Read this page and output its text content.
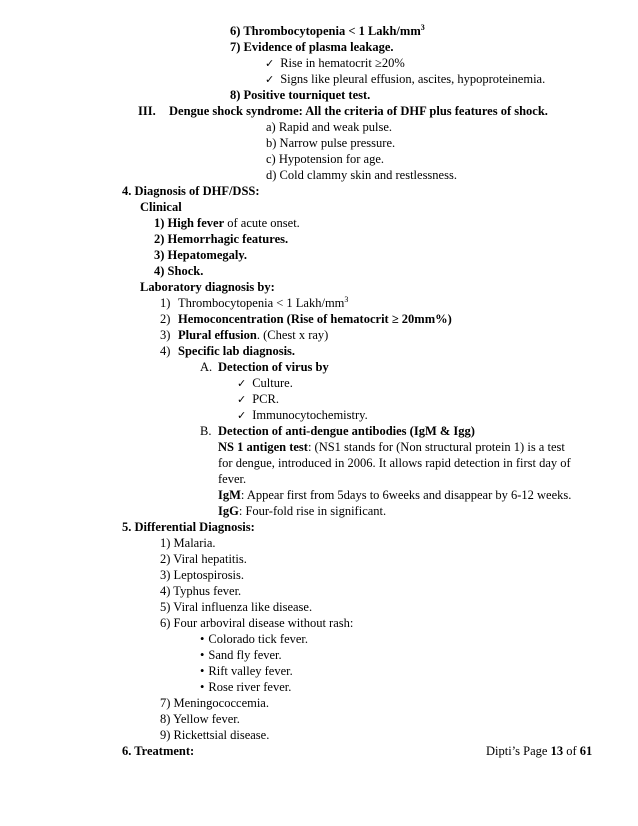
6) Thrombocytopenia < 1 Lakh/$mm^3$
7) Evidence of plasma leakage.
✓ Rise in hematocrit ≥20%
✓ Signs like pleural effusion, ascites, hypoproteinemia.
8) Positive tourniquet test.
III. Dengue shock syndrome: All the criteria of DHF plus features of shock.
a) Rapid and weak pulse.
b) Narrow pulse pressure.
c) Hypotension for age.
d) Cold clammy skin and restlessness.
4. Diagnosis of DHF/DSS:
Clinical
1) High fever of acute onset.
2) Hemorrhagic features.
3) Hepatomegaly.
4) Shock.
Laboratory diagnosis by:
1) Thrombocytopenia < 1 Lakh/$mm^3$
2) Hemoconcentration (Rise of hematocrit ≥ 20mm%)
3) Plural effusion. (Chest x ray)
4) Specific lab diagnosis.
A. Detection of virus by
✓ Culture.
✓ PCR.
✓ Immunocytochemistry.
B. Detection of anti-dengue antibodies (IgM & Igg)
NS 1 antigen test: (NS1 stands for (Non structural protein 1) is a test
for dengue, introduced in 2006. It allows rapid detection in first day of
fever.
IgM: Appear first from 5days to 6weeks and disappear by 6-12 weeks.
IgG: Four-fold rise in significant.
5. Differential Diagnosis:
1) Malaria.
2) Viral hepatitis.
3) Leptospirosis.
4) Typhus fever.
5) Viral influenza like disease.
6) Four arboviral disease without rash:
• Colorado tick fever.
• Sand fly fever.
• Rift valley fever.
• Rose river fever.
7) Meningococcemia.
8) Yellow fever.
9) Rickettsial disease.
6. Treatment:	Dipti’s Page 13 of 61
